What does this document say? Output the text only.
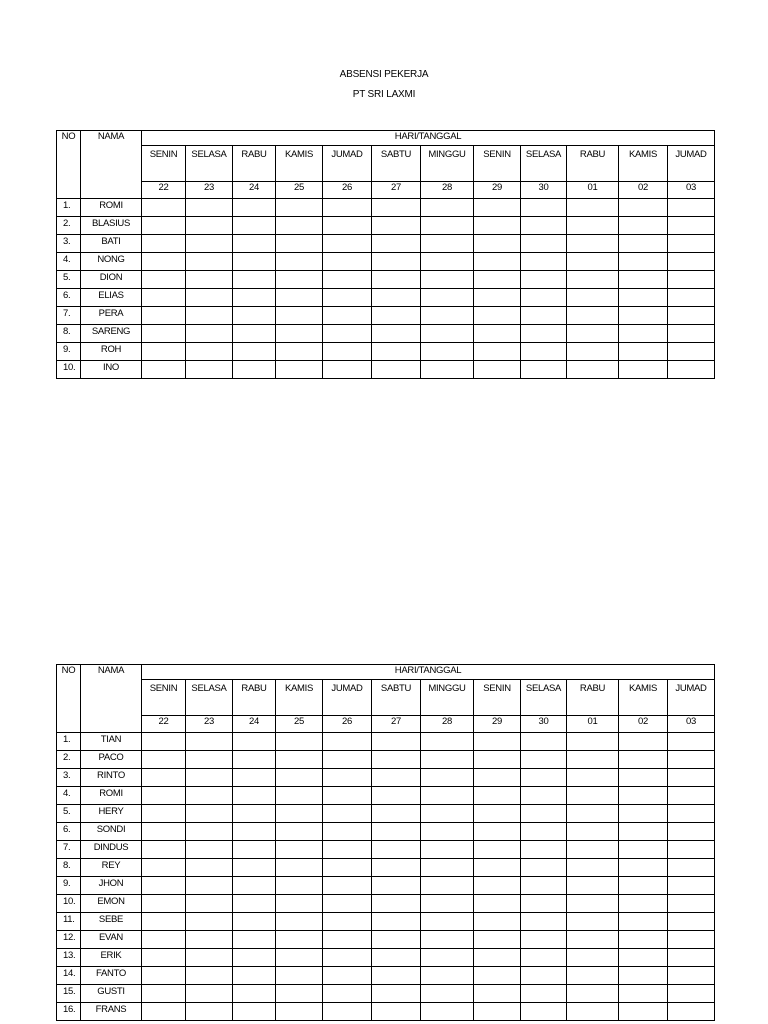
ABSENSI PEKERJA
PT SRI LAXMI
NO	NAMA	HARI/TANGGAL											
		SENIN	SELASA	RABU	KAMIS	JUMAD	SABTU	MINGGU	SENIN	SELASA	RABU	KAMIS	JUMAD
		22	23	24	25	26	27	28	29	30	01	02	03
1.	ROMI												
2.	BLASIUS												
3.	BATI												
4.	NONG												
5.	DION												
6.	ELIAS												
7.	PERA												
8.	SARENG												
9.	ROH												
10.	INO												
NO	NAMA	HARI/TANGGAL											
		SENIN	SELASA	RABU	KAMIS	JUMAD	SABTU	MINGGU	SENIN	SELASA	RABU	KAMIS	JUMAD
		22	23	24	25	26	27	28	29	30	01	02	03
1.	TIAN												
2.	PACO												
3.	RINTO												
4.	ROMI												
5.	HERY												
6.	SONDI												
7.	DINDUS												
8.	REY												
9.	JHON												
10.	EMON												
11.	SEBE												
12.	EVAN												
13.	ERIK												
14.	FANTO												
15.	GUSTI												
16.	FRANS												
